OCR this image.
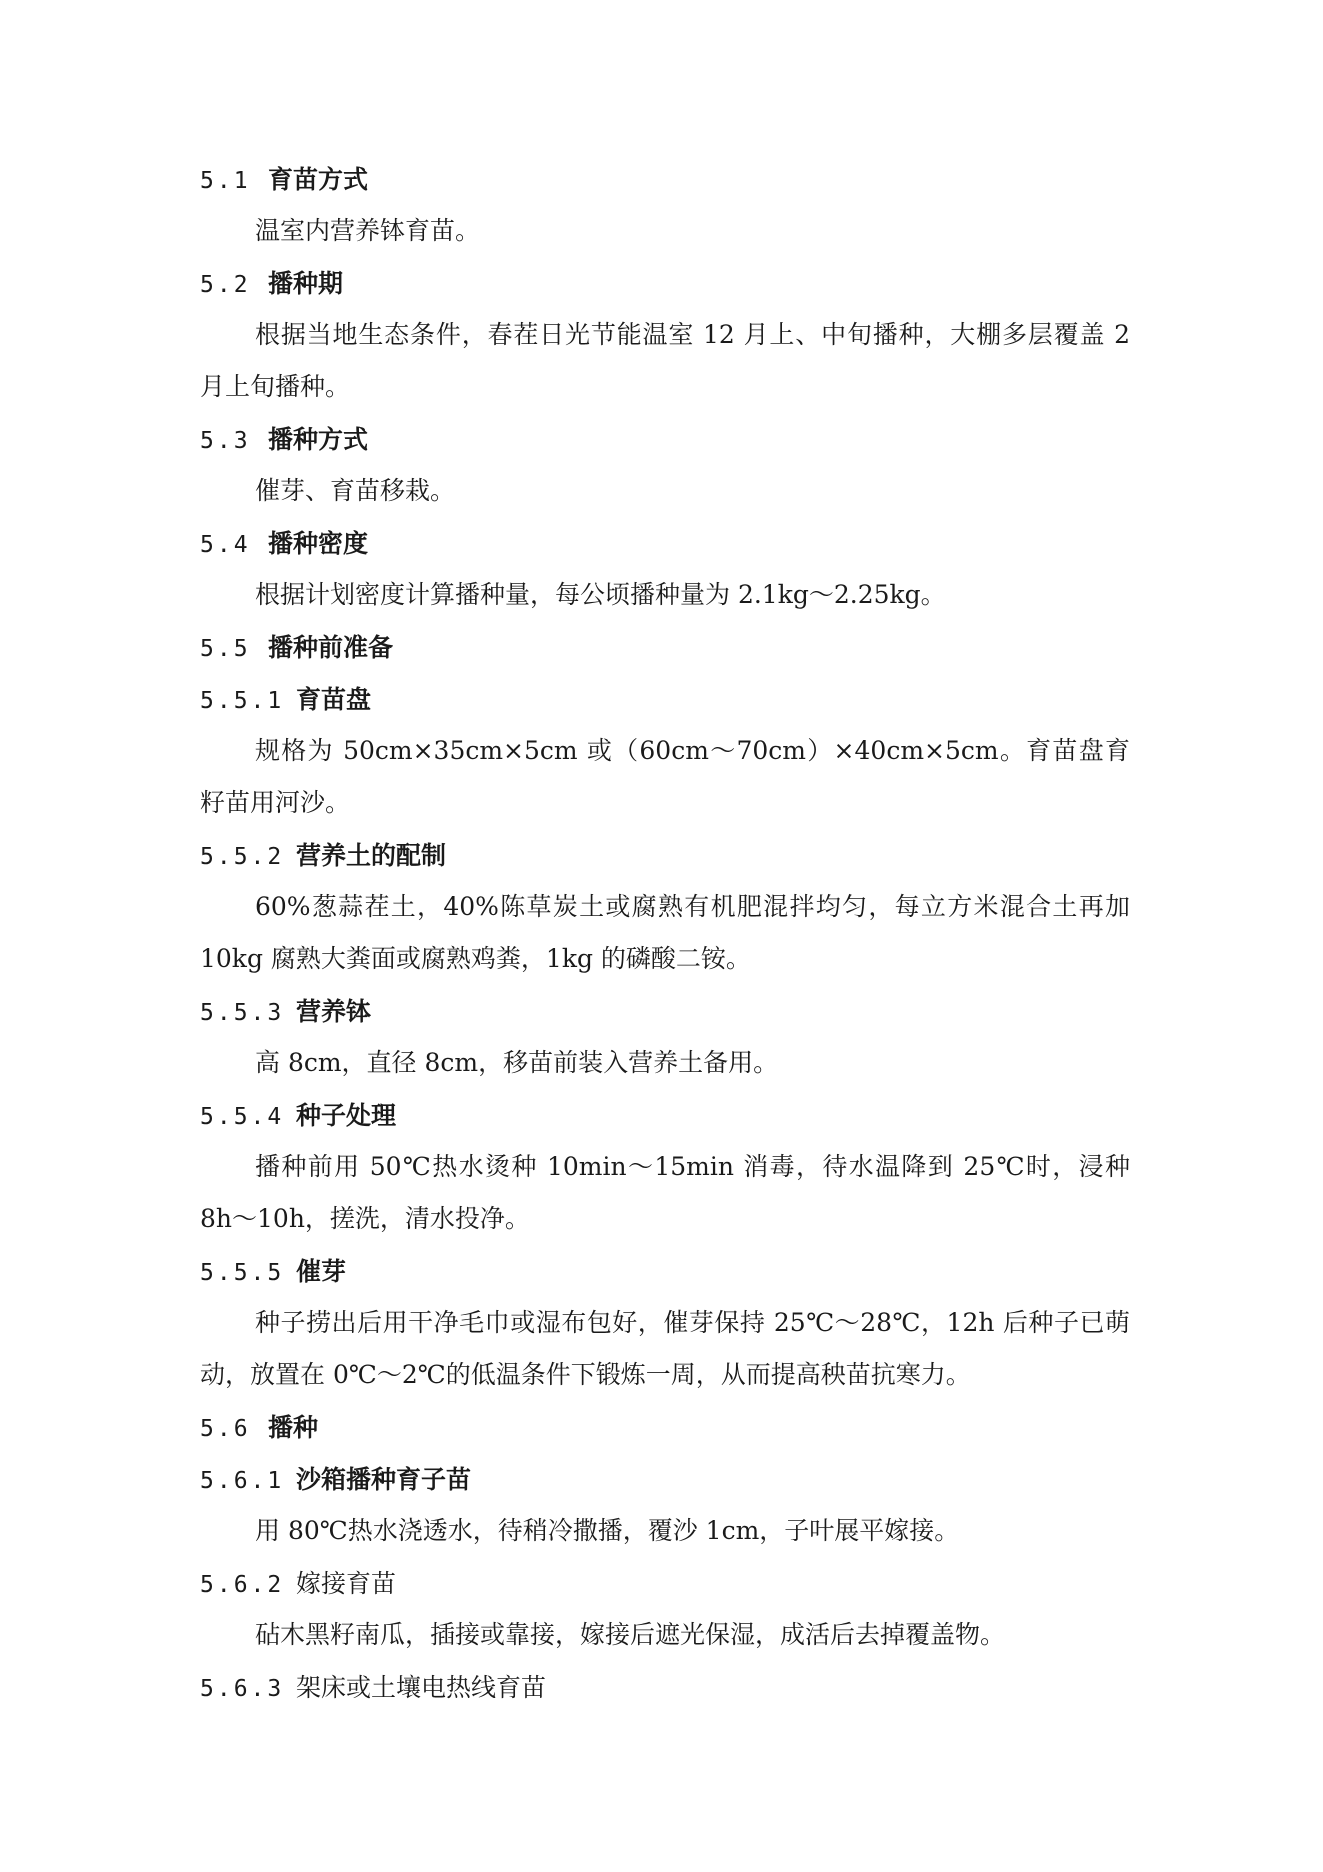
5.1 育苗方式

温室内营养钵育苗。

5.2 播种期

根据当地生态条件，春茬日光节能温室 12 月上、中旬播种，大棚多层覆盖 2 月上旬播种。

5.3 播种方式

催芽、育苗移栽。

5.4 播种密度

根据计划密度计算播种量，每公顷播种量为 2.1kg～2.25kg。

5.5 播种前准备
5.5.1 育苗盘

规格为 50cm×35cm×5cm 或（60cm～70cm）×40cm×5cm。育苗盘育籽苗用河沙。

5.5.2 营养土的配制

60%葱蒜茬土，40%陈草炭土或腐熟有机肥混拌均匀，每立方米混合土再加 10kg 腐熟大粪面或腐熟鸡粪，1kg 的磷酸二铵。

5.5.3 营养钵

高 8cm，直径 8cm，移苗前装入营养土备用。

5.5.4 种子处理

播种前用 50℃热水烫种 10min～15min 消毒，待水温降到 25℃时，浸种 8h～10h，搓洗，清水投净。

5.5.5 催芽

种子捞出后用干净毛巾或湿布包好，催芽保持 25℃～28℃，12h 后种子已萌动，放置在 0℃～2℃的低温条件下锻炼一周，从而提高秧苗抗寒力。

5.6 播种
5.6.1 沙箱播种育子苗

用 80℃热水浇透水，待稍冷撒播，覆沙 1cm，子叶展平嫁接。

5.6.2 嫁接育苗

砧木黑籽南瓜，插接或靠接，嫁接后遮光保湿，成活后去掉覆盖物。

5.6.3 架床或土壤电热线育苗
